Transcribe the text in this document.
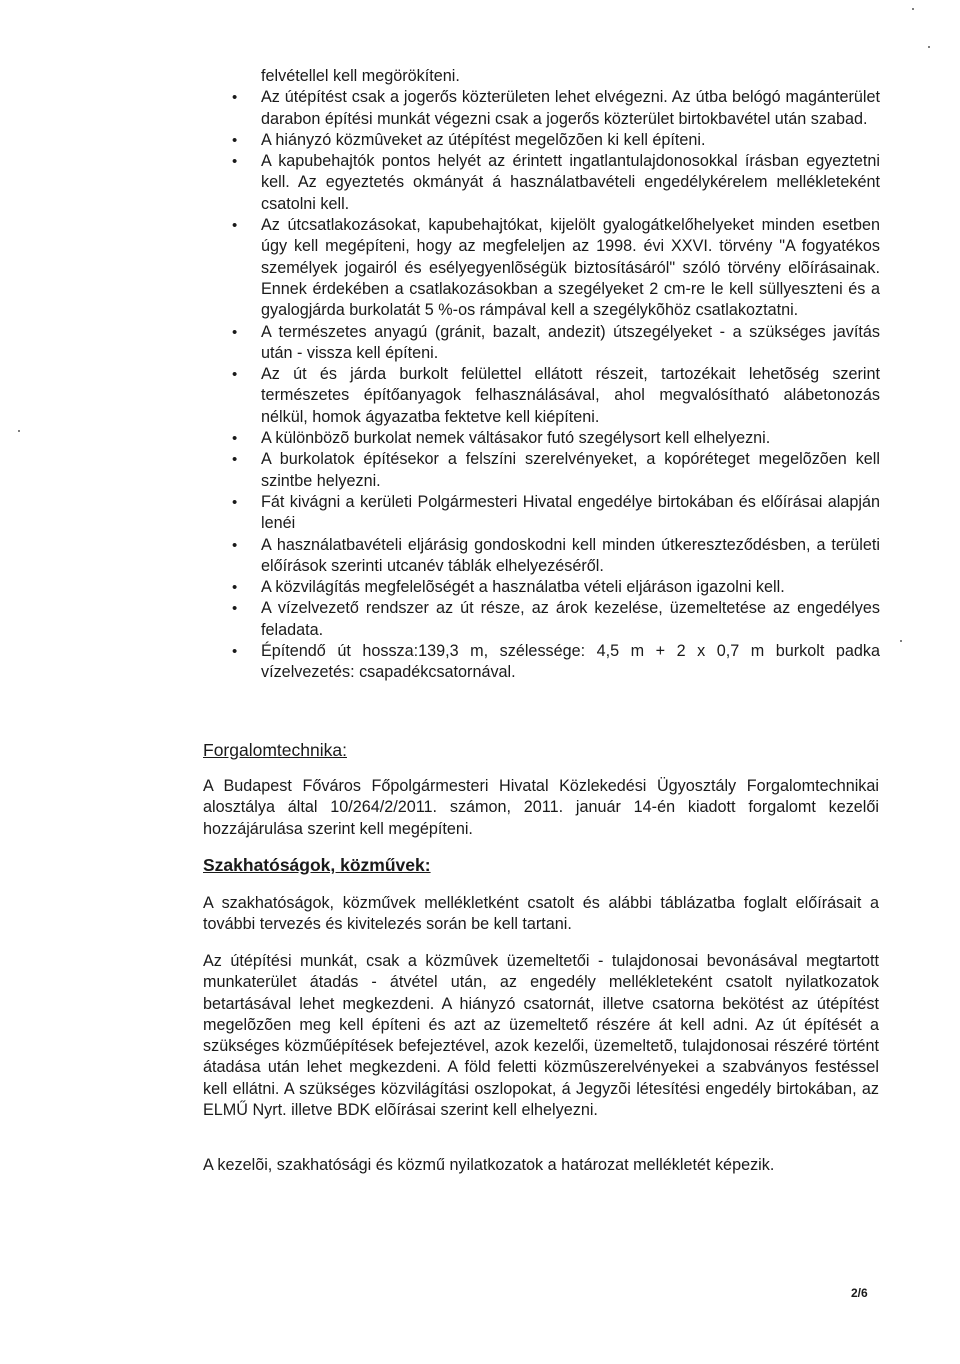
felvétellel kell megörökíteni.
• Az útépítést csak a jogerős közterületen lehet elvégezni. Az útba belógó magánterület darabon építési munkát végezni csak a jogerős közterület birtokbavétel után szabad.
• A hiányzó közmûveket az útépítést megelõzõen ki kell építeni.
• A kapubehajtók pontos helyét az érintett ingatlantulajdonosokkal írásban egyeztetni kell. Az egyeztetés okmányát á használatbavételi engedélykérelem mellékleteként csatolni kell.
• Az útcsatlakozásokat, kapubehajtókat, kijelölt gyalogátkelőhelyeket minden esetben úgy kell megépíteni, hogy az megfeleljen az 1998. évi XXVI. törvény "A fogyatékos személyek jogairól és esélyegyenlõségük biztosításáról" szóló törvény elõírásainak. Ennek érdekében a csatlakozásokban a szegélyeket 2 cm-re le kell süllyeszteni és a gyalogjárda burkolatát 5 %-os rámpával kell a szegélykõhöz csatlakoztatni.
• A természetes anyagú (gránit, bazalt, andezit) útszegélyeket - a szükséges javítás után - vissza kell építeni.
• Az út és járda burkolt felülettel ellátott részeit, tartozékait lehetõség szerint természetes építőanyagok felhasználásával, ahol megvalósítható alábetonozás nélkül, homok ágyazatba fektetve kell kiépíteni.
• A különbözõ burkolat nemek váltásakor futó szegélysort kell elhelyezni.
• A burkolatok építésekor a felszíni szerelvényeket, a kopóréteget megelõzõen kell szintbe helyezni.
• Fát kivágni a kerületi Polgármesteri Hivatal engedélye birtokában és előírásai alapján lenéi
• A használatbavételi eljárásig gondoskodni kell minden útkereszteződésben, a területi előírások szerinti utcanév táblák elhelyezéséről.
• A közvilágítás megfelelõségét a használatba vételi eljáráson igazolni kell.
• A vízelvezető rendszer az út része, az árok kezelése, üzemeltetése az engedélyes feladata.
• Építendő út hossza:139,3 m, szélessége: 4,5 m + 2 x 0,7 m burkolt padka vízelvezetés: csapadékcsatornával.
Forgalomtechnika:
A Budapest Főváros Főpolgármesteri Hivatal Közlekedési Ügyosztály Forgalomtechnikai alosztálya által 10/264/2/2011. számon, 2011. január 14-én kiadott forgalomt kezelői hozzájárulása szerint kell megépíteni.
Szakhatóságok, közművek:
A szakhatóságok, közművek mellékletként csatolt és alábbi táblázatba foglalt előírásait a további tervezés és kivitelezés során be kell tartani.
Az útépítési munkát, csak a közmûvek üzemeltetői - tulajdonosai bevonásával megtartott munkaterület átadás - átvétel után, az engedély mellékleteként csatolt nyilatkozatok betartásával lehet megkezdeni. A hiányzó csatornát, illetve csatorna bekötést az útépítést megelõzõen meg kell építeni és azt az üzemeltető részére át kell adni. Az út építését a szükséges közműépítések befejeztével, azok kezelői, üzemeltetõ, tulajdonosai részéré történt átadása után lehet megkezdeni. A föld feletti közmûszerelvényekei a szabványos festéssel kell ellátni. A szükséges közvilágítási oszlopokat, á Jegyzõi létesítési engedély birtokában, az ELMŰ Nyrt. illetve BDK elõírásai szerint kell elhelyezni.
A kezelõi, szakhatósági és közmű nyilatkozatok a határozat mellékletét képezik.
2/6
